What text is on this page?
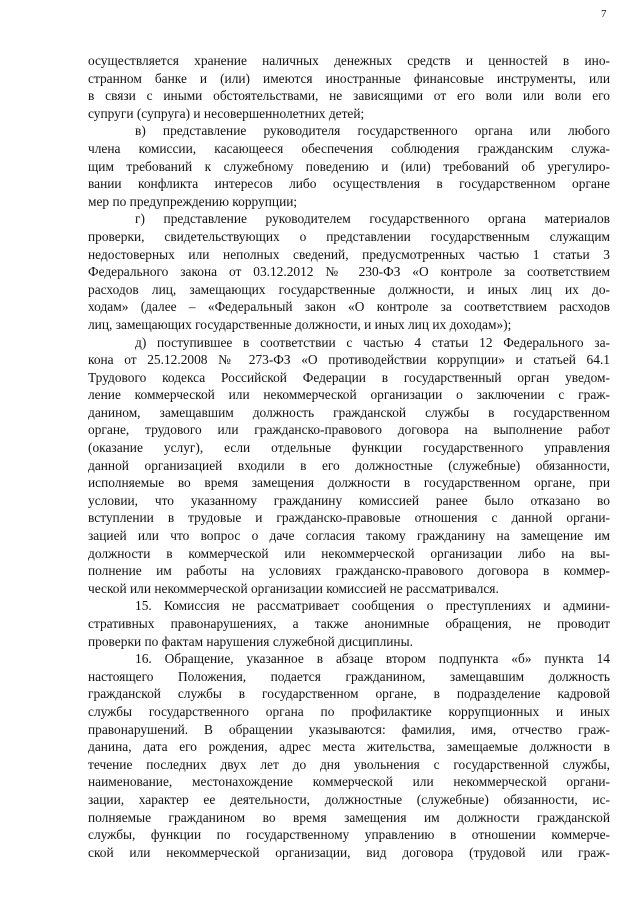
7
осуществляется хранение наличных денежных средств и ценностей в ино-
странном банке и (или) имеются иностранные финансовые инструменты, или
в связи с иными обстоятельствами, не зависящими от его воли или воли его
супруги (супруга) и несовершеннолетних детей;
в) представление руководителя государственного органа или любого
члена комиссии, касающееся обеспечения соблюдения гражданским служа-
щим требований к служебному поведению и (или) требований об урегулиро-
вании конфликта интересов либо осуществления в государственном органе
мер по предупреждению коррупции;
г) представление руководителем государственного органа материалов
проверки, свидетельствующих о представлении государственным служащим
недостоверных или неполных сведений, предусмотренных частью 1 статьи 3
Федерального закона от 03.12.2012 № 230-ФЗ «О контроле за соответствием
расходов лиц, замещающих государственные должности, и иных лиц их до-
ходам» (далее – «Федеральный закон «О контроле за соответствием расходов
лиц, замещающих государственные должности, и иных лиц их доходам»);
д) поступившее в соответствии с частью 4 статьи 12 Федерального за-
кона от 25.12.2008 № 273-ФЗ «О противодействии коррупции» и статьей 64.1
Трудового кодекса Российской Федерации в государственный орган уведом-
ление коммерческой или некоммерческой организации о заключении с граж-
данином, замещавшим должность гражданской службы в государственном
органе, трудового или гражданско-правового договора на выполнение работ
(оказание услуг), если отдельные функции государственного управления
данной организацией входили в его должностные (служебные) обязанности,
исполняемые во время замещения должности в государственном органе, при
условии, что указанному гражданину комиссией ранее было отказано во
вступлении в трудовые и гражданско-правовые отношения с данной органи-
зацией или что вопрос о даче согласия такому гражданину на замещение им
должности в коммерческой или некоммерческой организации либо на вы-
полнение им работы на условиях гражданско-правового договора в коммер-
ческой или некоммерческой организации комиссией не рассматривался.
15. Комиссия не рассматривает сообщения о преступлениях и админи-
стративных правонарушениях, а также анонимные обращения, не проводит
проверки по фактам нарушения служебной дисциплины.
16. Обращение, указанное в абзаце втором подпункта «б» пункта 14
настоящего Положения, подается гражданином, замещавшим должность
гражданской службы в государственном органе, в подразделение кадровой
службы государственного органа по профилактике коррупционных и иных
правонарушений. В обращении указываются: фамилия, имя, отчество граж-
данина, дата его рождения, адрес места жительства, замещаемые должности в
течение последних двух лет до дня увольнения с государственной службы,
наименование, местонахождение коммерческой или некоммерческой органи-
зации, характер ее деятельности, должностные (служебные) обязанности, ис-
полняемые гражданином во время замещения им должности гражданской
службы, функции по государственному управлению в отношении коммерче-
ской или некоммерческой организации, вид договора (трудовой или граж-
